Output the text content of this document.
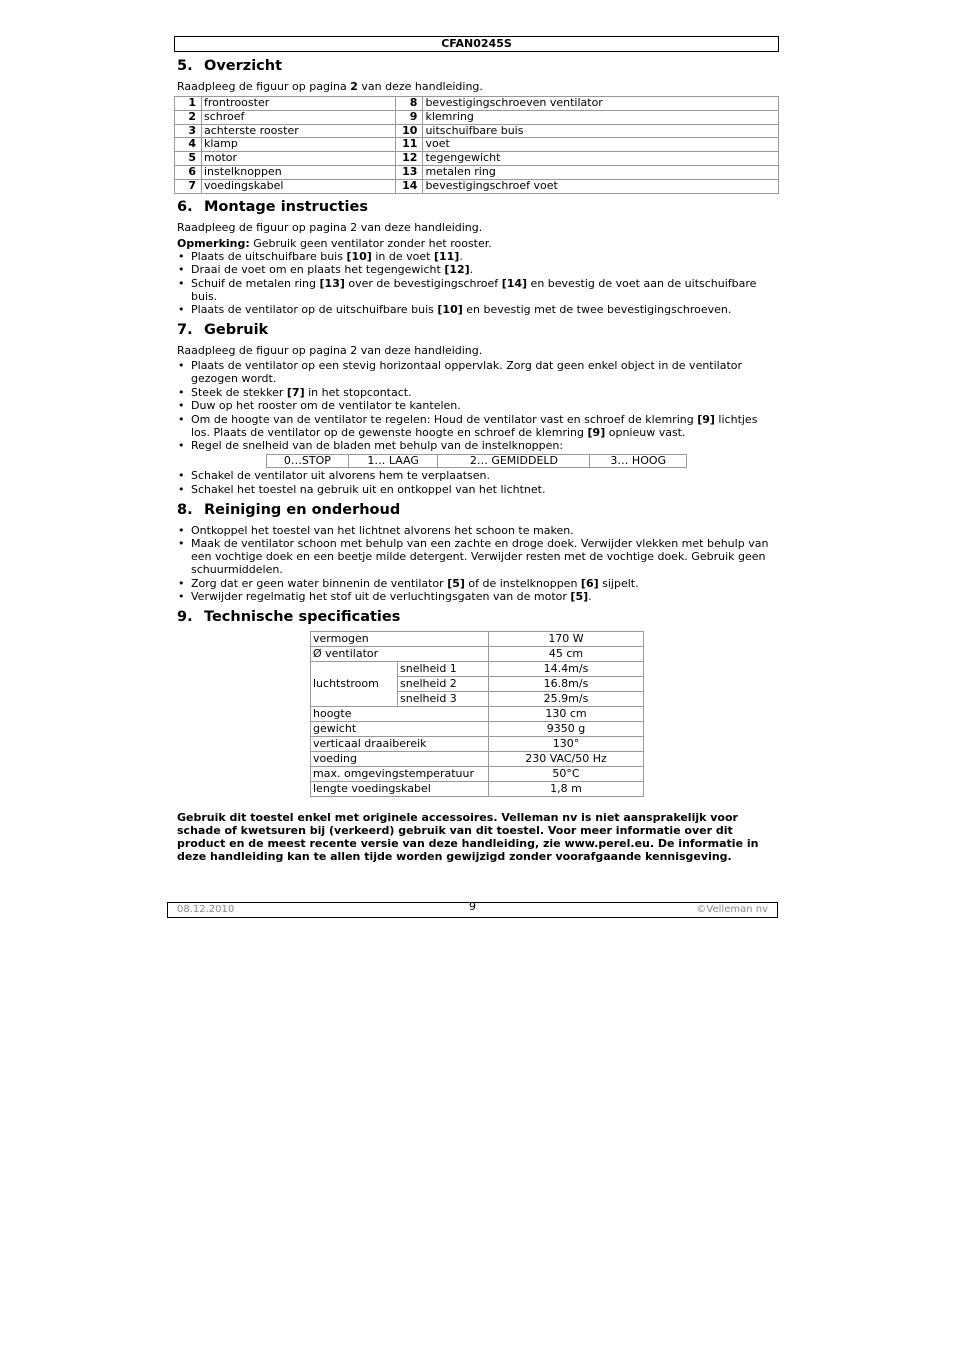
CFAN0245S
5. Overzicht

Raadpleeg de figuur op pagina 2 van deze handleiding.

1	frontrooster	8	bevestigingschroeven ventilator
2	schroef	9	klemring
3	achterste rooster	10	uitschuifbare buis
4	klamp	11	voet
5	motor	12	tegengewicht
6	instelknoppen	13	metalen ring
7	voedingskabel	14	bevestigingschroef voet
6. Montage instructies

Raadpleeg de figuur op pagina 2 van deze handleiding.

Opmerking: Gebruik geen ventilator zonder het rooster.

• Plaats de uitschuifbare buis [10] in de voet [11].
• Draai de voet om en plaats het tegengewicht [12].
• Schuif de metalen ring [13] over de bevestigingschroef [14] en bevestig de voet aan de uitschuifbare buis.
• Plaats de ventilator op de uitschuifbare buis [10] en bevestig met de twee bevestigingschroeven.
7. Gebruik

Raadpleeg de figuur op pagina 2 van deze handleiding.

• Plaats de ventilator op een stevig horizontaal oppervlak. Zorg dat geen enkel object in de ventilator gezogen wordt.
• Steek de stekker [7] in het stopcontact.
• Duw op het rooster om de ventilator te kantelen.
• Om de hoogte van de ventilator te regelen: Houd de ventilator vast en schroef de klemring [9] lichtjes los. Plaats de ventilator op de gewenste hoogte en schroef de klemring [9] opnieuw vast.
• Regel de snelheid van de bladen met behulp van de instelknoppen:
0…STOP	1… LAAG	2… GEMIDDELD	3… HOOG
• Schakel de ventilator uit alvorens hem te verplaatsen.
• Schakel het toestel na gebruik uit en ontkoppel van het lichtnet.
8. Reiniging en onderhoud
• Ontkoppel het toestel van het lichtnet alvorens het schoon te maken.
• Maak de ventilator schoon met behulp van een zachte en droge doek. Verwijder vlekken met behulp van een vochtige doek en een beetje milde detergent. Verwijder resten met de vochtige doek. Gebruik geen schuurmiddelen.
• Zorg dat er geen water binnenin de ventilator [5] of de instelknoppen [6] sijpelt.
• Verwijder regelmatig het stof uit de verluchtingsgaten van de motor [5].
9. Technische specificaties
vermogen		170 W
Ø ventilator		45 cm
luchtstroom	snelheid 1	14.4m/s
	snelheid 2	16.8m/s
	snelheid 3	25.9m/s
hoogte		130 cm
gewicht		9350 g
verticaal draaibereik		130°
voeding		230 VAC/50 Hz
max. omgevingstemperatuur		50°C
lengte voedingskabel		1,8 m

Gebruik dit toestel enkel met originele accessoires. Velleman nv is niet aansprakelijk voor schade of kwetsuren bij (verkeerd) gebruik van dit toestel. Voor meer informatie over dit product en de meest recente versie van deze handleiding, zie www.perel.eu. De informatie in deze handleiding kan te allen tijde worden gewijzigd zonder voorafgaande kennisgeving.

08.12.2010	9	©Velleman nv
